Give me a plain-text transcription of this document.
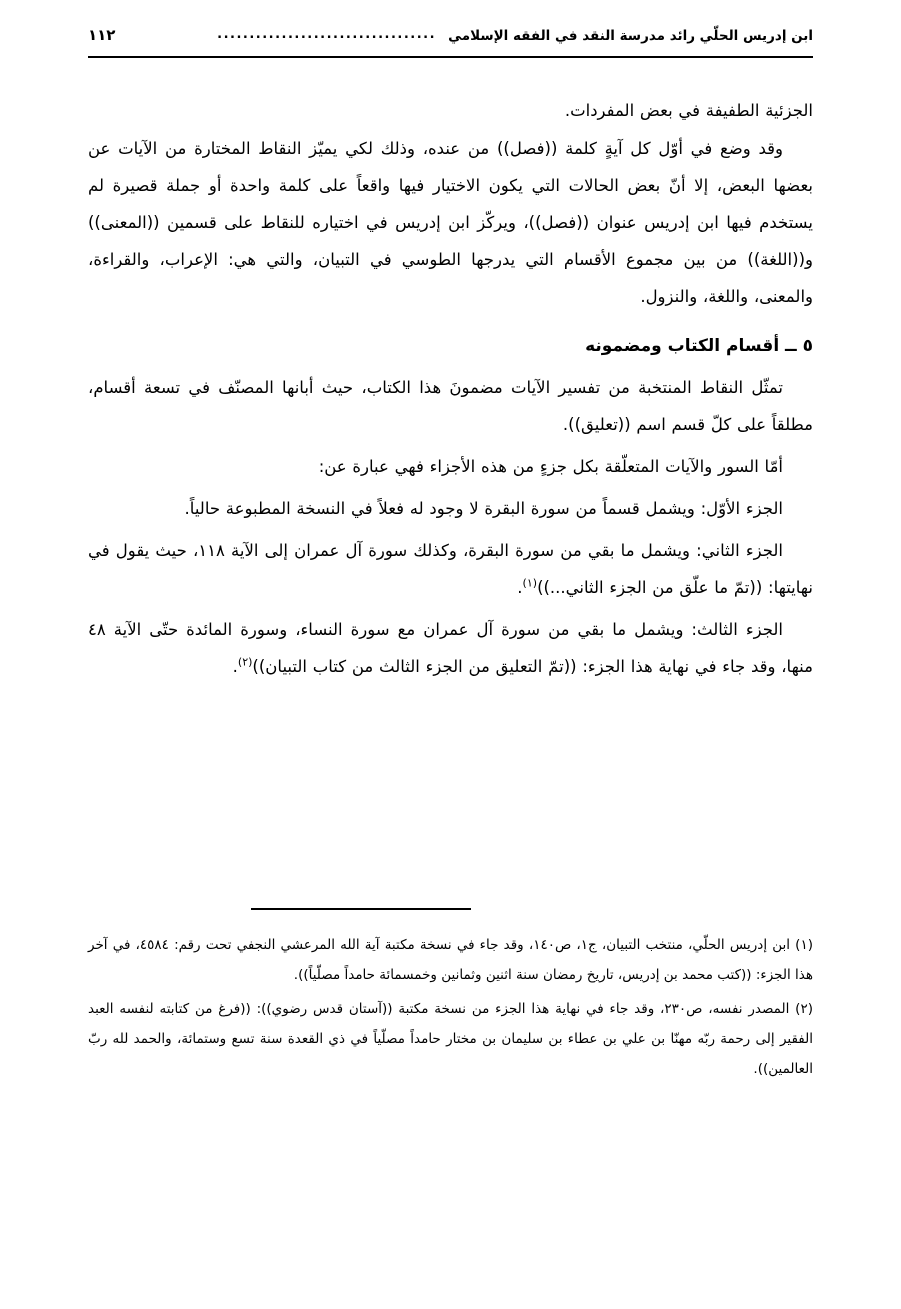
ابن إدريس الحلّي رائد مدرسة النقد في الفقه الإسلامي
..................................
١١٢

الجزئية الطفيفة في بعض المفردات.

وقد وضع في أوّل كل آيةٍ كلمة ((فصل)) من عنده، وذلك لكي يميّز النقاط المختارة من الآيات عن بعضها البعض، إلا أنّ بعض الحالات التي يكون الاختيار فيها واقعاً على كلمة واحدة أو جملة قصيرة لم يستخدم فيها ابن إدريس عنوان ((فصل))، ويركّز ابن إدريس في اختياره للنقاط على قسمين ((المعنى)) و((اللغة)) من بين مجموع الأقسام التي يدرجها الطوسي في التبيان، والتي هي: الإعراب، والقراءة، والمعنى، واللغة، والنزول.

٥ ــ أقسام الكتاب ومضمونه

تمثّل النقاط المنتخبة من تفسير الآيات مضمونَ هذا الكتاب، حيث أبانها المصنّف في تسعة أقسام، مطلقاً على كلّ قسم اسم ((تعليق)).

أمّا السور والآيات المتعلّقة بكل جزءٍ من هذه الأجزاء فهي عبارة عن:

الجزء الأوّل: ويشمل قسماً من سورة البقرة لا وجود له فعلاً في النسخة المطبوعة حالياً.

الجزء الثاني: ويشمل ما بقي من سورة البقرة، وكذلك سورة آل عمران إلى الآية ١١٨، حيث يقول في نهايتها: ((تمّ ما علّق من الجزء الثاني...))$^{(١)}$.

الجزء الثالث: ويشمل ما بقي من سورة آل عمران مع سورة النساء، وسورة المائدة حتّى الآية ٤٨ منها، وقد جاء في نهاية هذا الجزء: ((تمّ التعليق من الجزء الثالث من كتاب التبيان))$^{(٢)}$.

(١) ابن إدريس الحلّي، منتخب التبيان، ج١، ص١٤٠، وقد جاء في نسخة مكتبة آية الله المرعشي النجفي تحت رقم: ٤٥٨٤، في آخر هذا الجزء: ((كتب محمد بن إدريس، تاريخ رمضان سنة اثنين وثمانين وخمسمائة حامداً مصلّياً)).

(٢) المصدر نفسه، ص٢٣٠، وقد جاء في نهاية هذا الجزء من نسخة مكتبة ((آستان قدس رضوي)): ((فرغ من كتابته لنفسه العبد الفقير إلى رحمة ربّه مهنّا بن علي بن عطاء بن سليمان بن مختار حامداً مصلّياً في ذي القعدة سنة تسع وستمائة، والحمد لله ربّ العالمين)).
